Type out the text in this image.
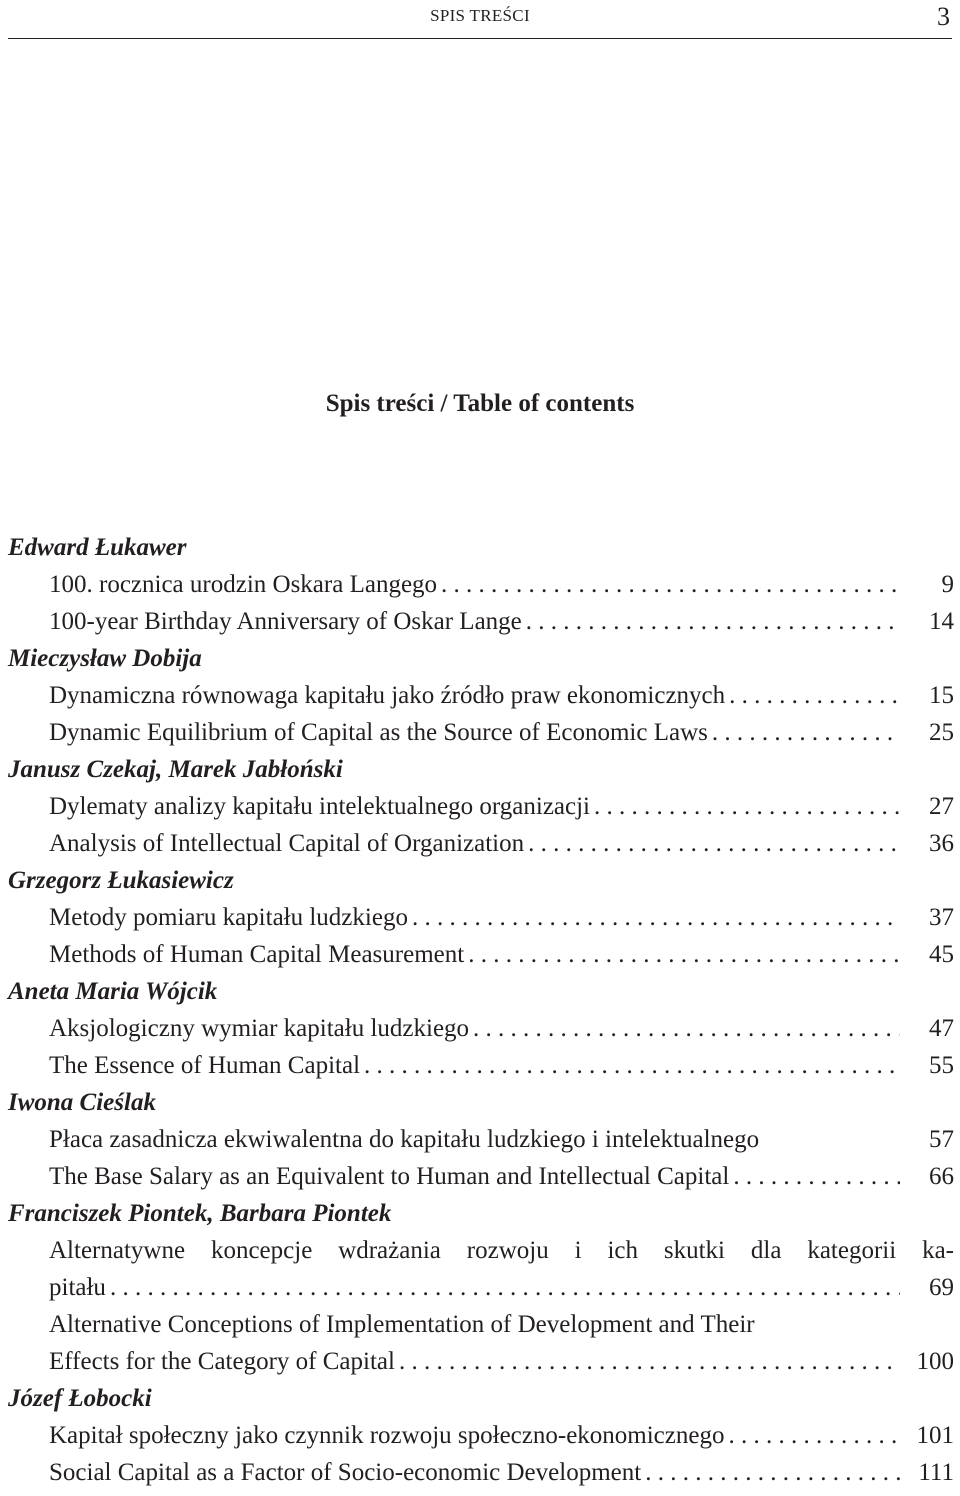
SPIS TREŚCI	3
Spis treści / Table of contents
Edward Łukawer
100. rocznica urodzin Oskara Langego . . .	9
100-year Birthday Anniversary of Oskar Lange . . .	14
Mieczysław Dobija
Dynamiczna równowaga kapitału jako źródło praw ekonomicznych . . .	15
Dynamic Equilibrium of Capital as the Source of Economic Laws . . .	25
Janusz Czekaj, Marek Jabłoński
Dylematy analizy kapitału intelektualnego organizacji . . .	27
Analysis of Intellectual Capital of Organization . . .	36
Grzegorz Łukasiewicz
Metody pomiaru kapitału ludzkiego . . .	37
Methods of Human Capital Measurement . . .	45
Aneta Maria Wójcik
Aksjologiczny wymiar kapitału ludzkiego . . .	47
The Essence of Human Capital . . .	55
Iwona Cieślak
Płaca zasadnicza ekwiwalentna do kapitału ludzkiego i intelektualnego	57
The Base Salary as an Equivalent to Human and Intellectual Capital . . .	66
Franciszek Piontek, Barbara Piontek
Alternatywne koncepcje wdrażania rozwoju i ich skutki dla kategorii ka-
pitału . . .	69
Alternative Conceptions of Implementation of Development and Their
Effects for the Category of Capital . . .	100
Józef Łobocki
Kapitał społeczny jako czynnik rozwoju społeczno-ekonomicznego . . .	101
Social Capital as a Factor of Socio-economic Development . . .	111
